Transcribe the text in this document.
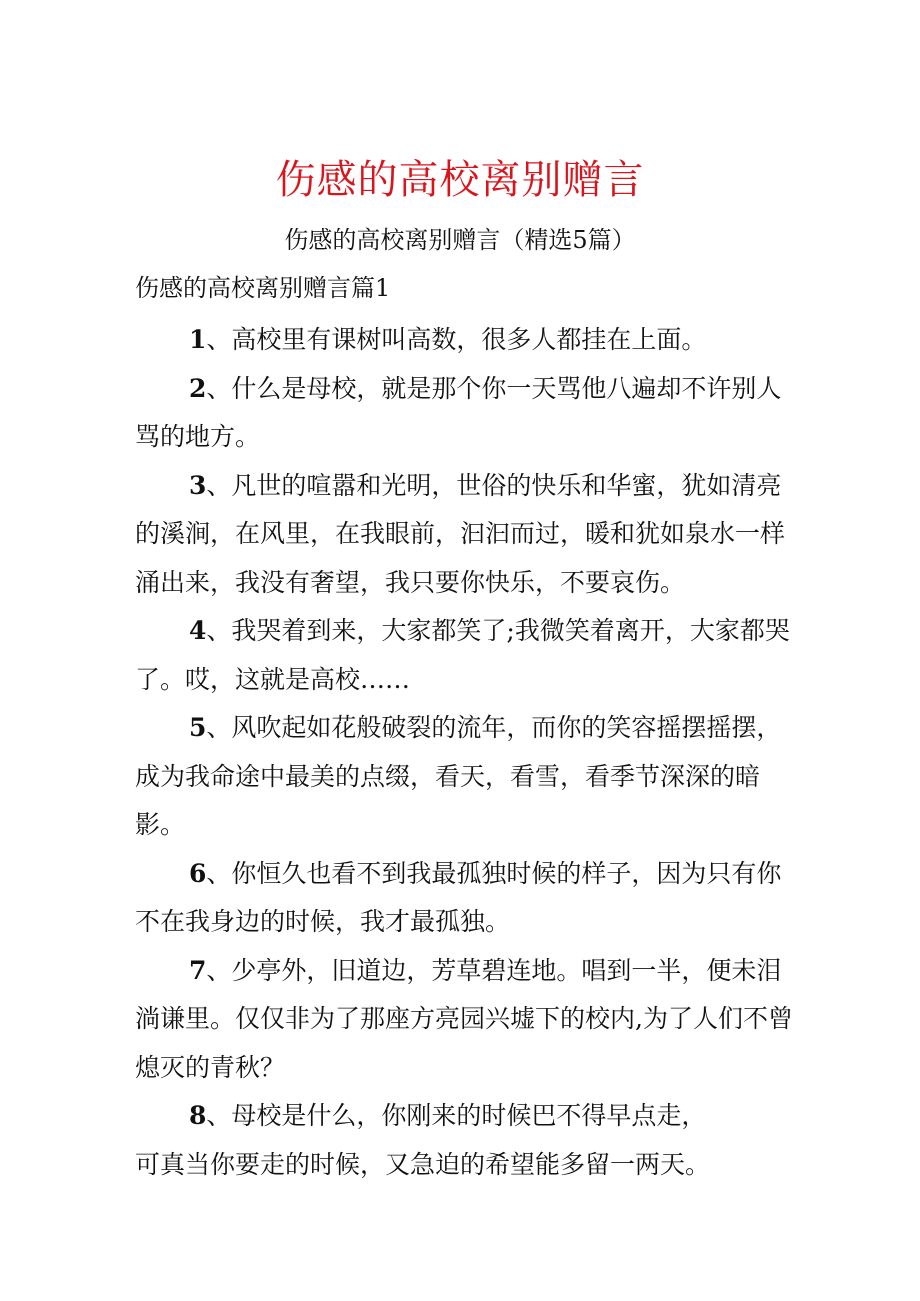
伤感的高校离别赠言
伤感的高校离别赠言（精选5篇）
伤感的高校离别赠言篇1

1、高校里有课树叫高数，很多人都挂在上面。

2、什么是母校，就是那个你一天骂他八遍却不许别人骂的地方。

3、凡世的喧嚣和光明，世俗的快乐和华蜜，犹如清亮的溪涧，在风里，在我眼前，汩汩而过，暖和犹如泉水一样涌出来，我没有奢望，我只要你快乐，不要哀伤。

4、我哭着到来，大家都笑了;我微笑着离开，大家都哭了。哎，这就是高校……

5、风吹起如花般破裂的流年，而你的笑容摇摆摇摆，成为我命途中最美的点缀，看天，看雪，看季节深深的暗影。

6、你恒久也看不到我最孤独时候的样子，因为只有你不在我身边的时候，我才最孤独。

7、少亭外，旧道边，芳草碧连地。唱到一半，便未泪淌谦里。仅仅非为了那座方亮园兴墟下的校内,为了人们不曾熄灭的青秋？

8、母校是什么，你刚来的时候巴不得早点走，
可真当你要走的时候，又急迫的希望能多留一两天。
